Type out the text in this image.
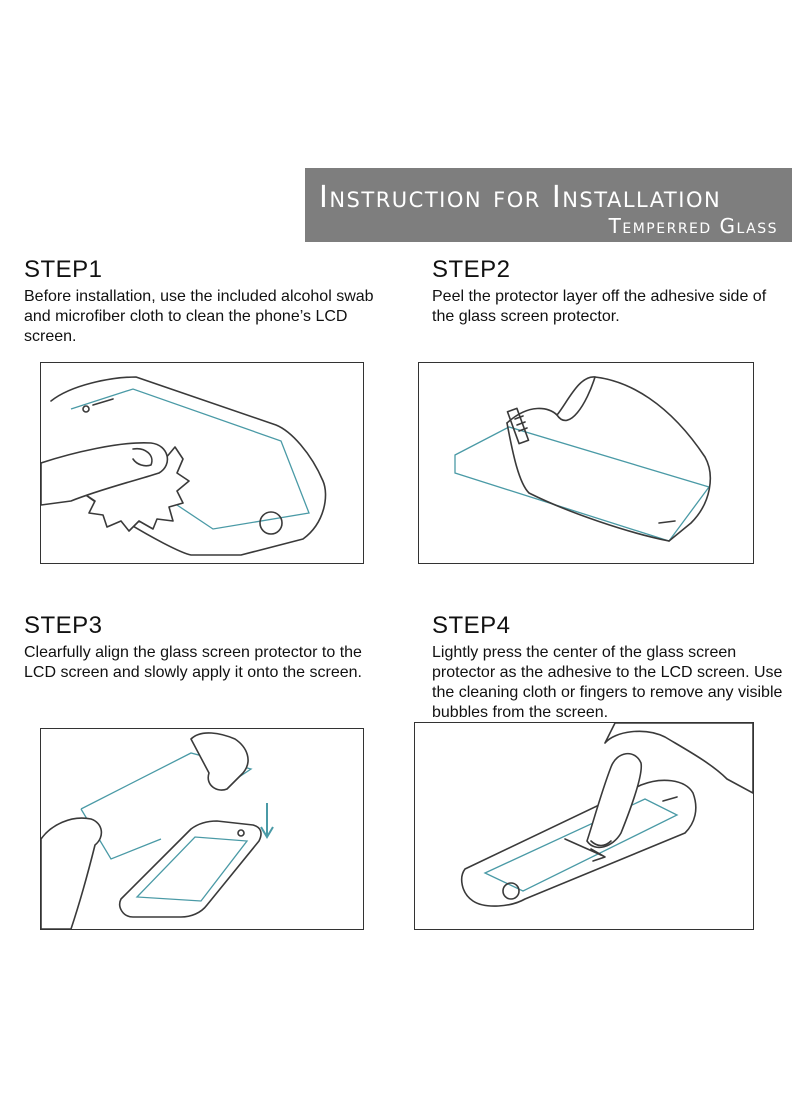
Instruction for Installation
Temperred Glass
STEP1

Before installation, use the included alcohol swab and microfiber cloth to clean the phone’s LCD screen.

STEP2

Peel the protector layer off the adhesive side of the glass screen protector.

STEP3

Clearfully align the glass screen protector to the LCD screen and slowly apply it onto the screen.

STEP4

Lightly press the center of the glass screen protector as the adhesive to the LCD screen. Use the cleaning cloth or fingers to remove any visible bubbles from the screen.
